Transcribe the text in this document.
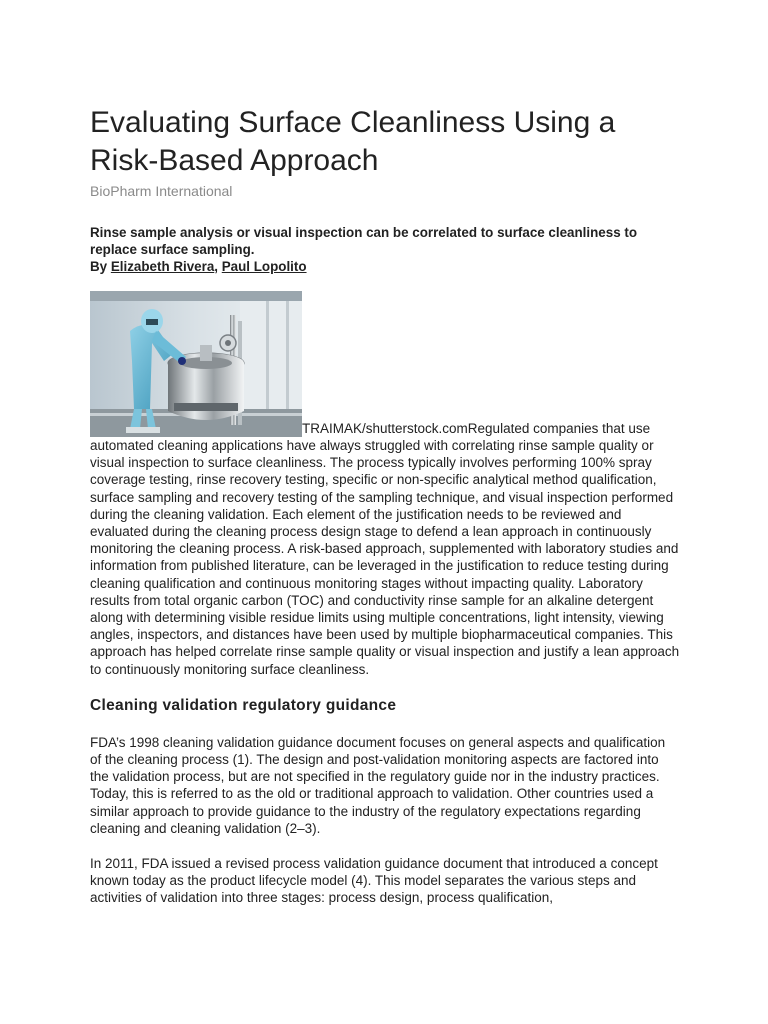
Evaluating Surface Cleanliness Using a Risk-Based Approach
BioPharm International
Rinse sample analysis or visual inspection can be correlated to surface cleanliness to replace surface sampling.
By Elizabeth Rivera, Paul Lopolito

TRAIMAK/shutterstock.comRegulated companies that use automated cleaning applications have always struggled with correlating rinse sample quality or visual inspection to surface cleanliness. The process typically involves performing 100% spray coverage testing, rinse recovery testing, specific or non-specific analytical method qualification, surface sampling and recovery testing of the sampling technique, and visual inspection performed during the cleaning validation. Each element of the justification needs to be reviewed and evaluated during the cleaning process design stage to defend a lean approach in continuously monitoring the cleaning process. A risk-based approach, supplemented with laboratory studies and information from published literature, can be leveraged in the justification to reduce testing during cleaning qualification and continuous monitoring stages without impacting quality. Laboratory results from total organic carbon (TOC) and conductivity rinse sample for an alkaline detergent along with determining visible residue limits using multiple concentrations, light intensity, viewing angles, inspectors, and distances have been used by multiple biopharmaceutical companies. This approach has helped correlate rinse sample quality or visual inspection and justify a lean approach to continuously monitoring surface cleanliness.

Cleaning validation regulatory guidance

FDA’s 1998 cleaning validation guidance document focuses on general aspects and qualification of the cleaning process (1). The design and post-validation monitoring aspects are factored into the validation process, but are not specified in the regulatory guide nor in the industry practices. Today, this is referred to as the old or traditional approach to validation. Other countries used a similar approach to provide guidance to the industry of the regulatory expectations regarding cleaning and cleaning validation (2–3).

In 2011, FDA issued a revised process validation guidance document that introduced a concept known today as the product lifecycle model (4). This model separates the various steps and activities of validation into three stages: process design, process qualification,
